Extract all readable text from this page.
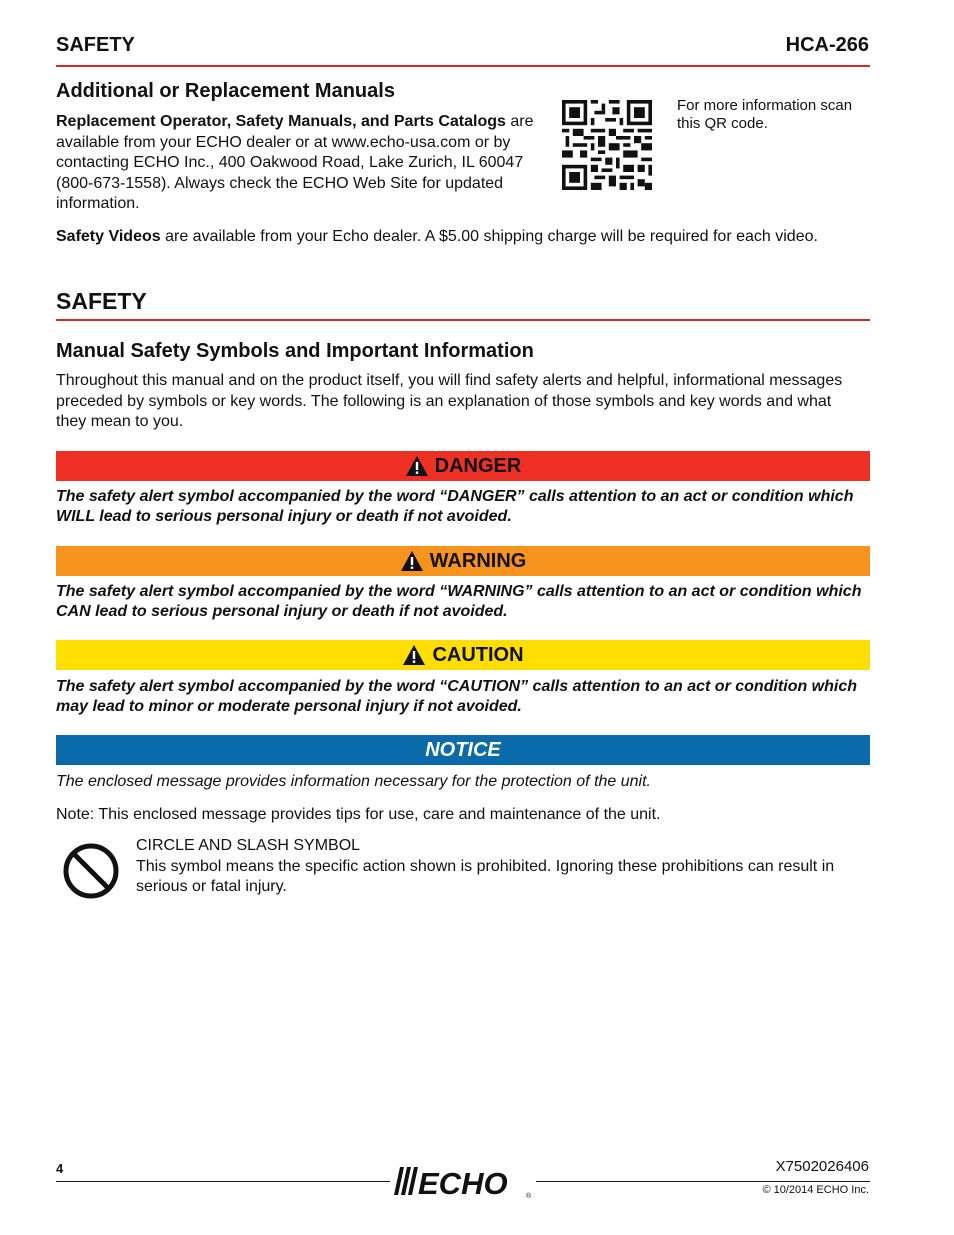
SAFETY	HCA-266
Additional or Replacement Manuals
Replacement Operator, Safety Manuals, and Parts Catalogs are available from your ECHO dealer or at www.echo-usa.com or by contacting ECHO Inc., 400 Oakwood Road, Lake Zurich, IL 60047 (800-673-1558). Always check the ECHO Web Site for updated information.
For more information scan this QR code.
Safety Videos are available from your Echo dealer. A $5.00 shipping charge will be required for each video.
SAFETY
Manual Safety Symbols and Important Information
Throughout this manual and on the product itself, you will find safety alerts and helpful, informational messages preceded by symbols or key words. The following is an explanation of those symbols and key words and what they mean to you.
DANGER
The safety alert symbol accompanied by the word “DANGER” calls attention to an act or condition which WILL lead to serious personal injury or death if not avoided.
WARNING
The safety alert symbol accompanied by the word “WARNING” calls attention to an act or condition which CAN lead to serious personal injury or death if not avoided.
CAUTION
The safety alert symbol accompanied by the word “CAUTION” calls attention to an act or condition which may lead to minor or moderate personal injury if not avoided.
NOTICE
The enclosed message provides information necessary for the protection of the unit.
Note: This enclosed message provides tips for use, care and maintenance of the unit.
CIRCLE AND SLASH SYMBOL
This symbol means the specific action shown is prohibited. Ignoring these prohibitions can result in serious or fatal injury.
4	ECHO	®
X7502026406
© 10/2014 ECHO Inc.
